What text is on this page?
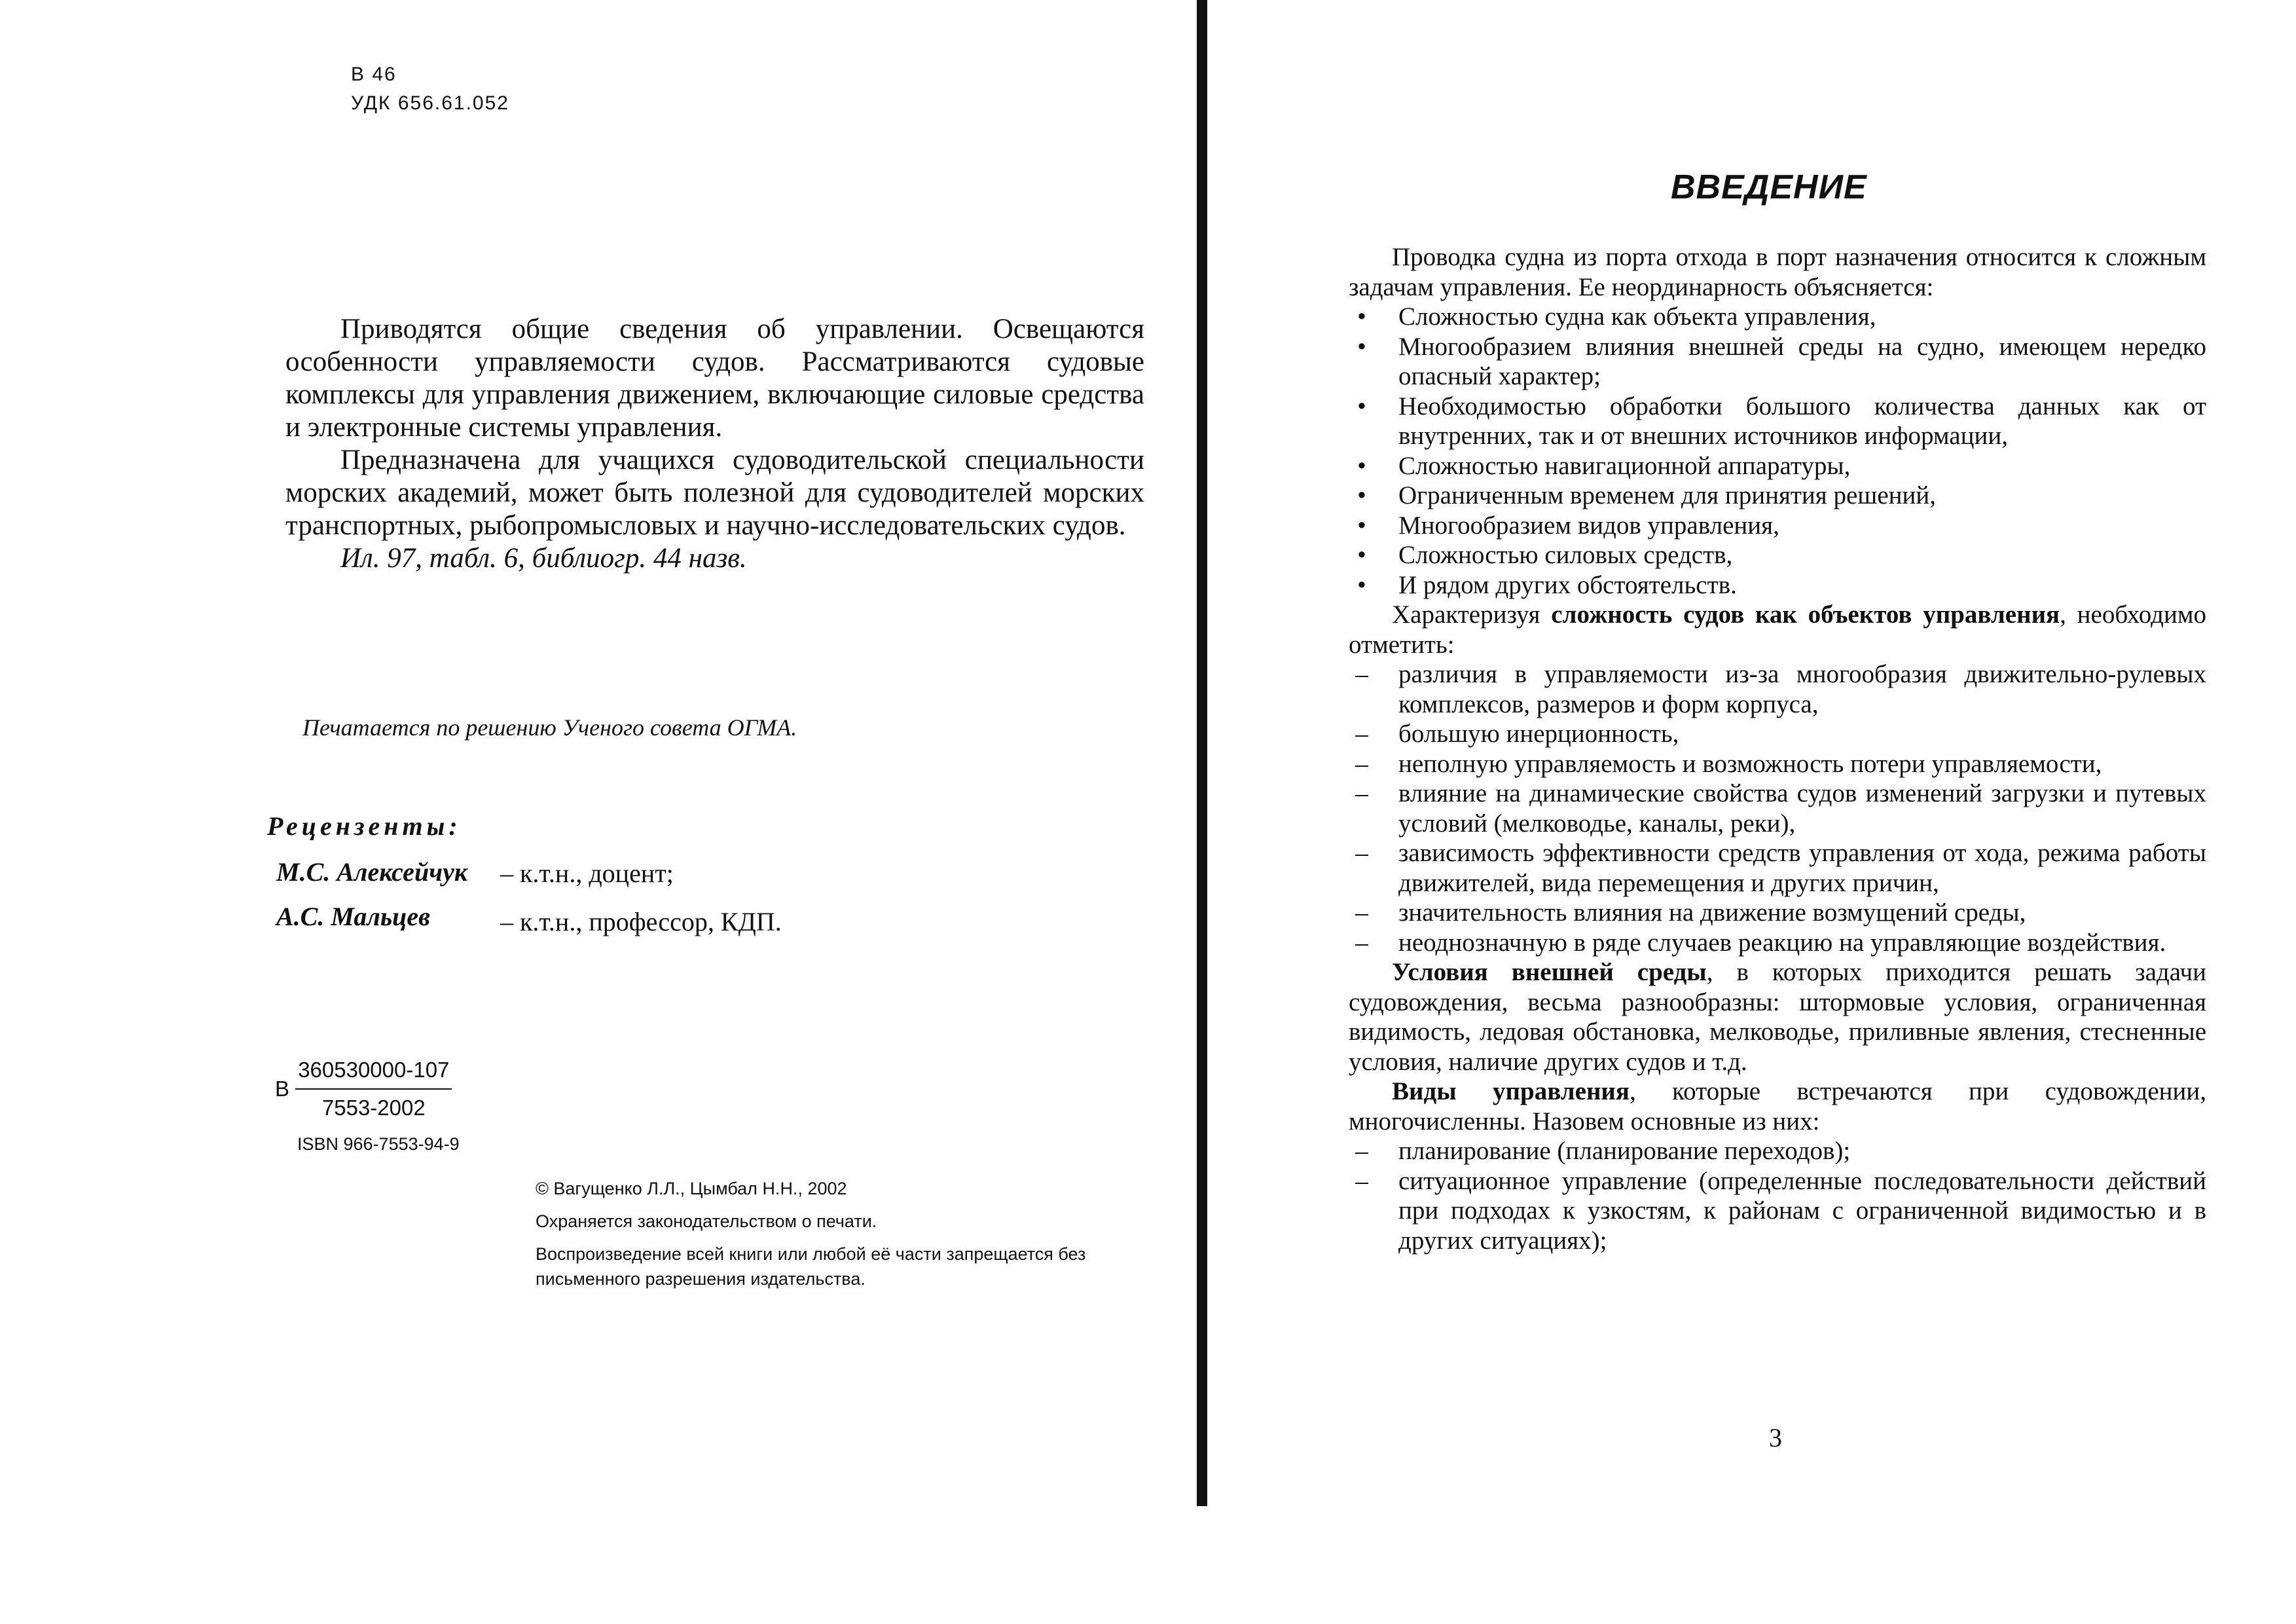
В 46
УДК 656.61.052

Приводятся общие сведения об управлении. Освещаются особенности управляемости судов. Рассматриваются судовые комплексы для управления движением, включающие силовые средства и электронные системы управления.

Предназначена для учащихся судоводительской специальности морских академий, может быть полезной для судоводителей морских транспортных, рыбопромысловых и научно-исследовательских судов.

Ил. 97, табл. 6, библиогр. 44 назв.

Печатается по решению Ученого совета ОГМА.
Рецензенты:
М.С. Алексейчук – к.т.н., доцент;
А.С. Мальцев	– к.т.н., профессор, КДП.
В $\frac{360530000-107}{7553-2002}$
ISBN 966-7553-94-9
© Вагущенко Л.Л., Цымбал Н.Н., 2002
Охраняется законодательством о печати.
Воспроизведение всей книги или любой её части запрещается без письменного разрешения издательства.
ВВЕДЕНИЕ

Проводка судна из порта отхода в порт назначения относится к сложным задачам управления. Ее неординарность объясняется:

•	Сложностью судна как объекта управления,
•	Многообразием влияния внешней среды на судно, имеющем нередко опасный характер;
•	Необходимостью обработки большого количества данных как от внутренних, так и от внешних источников информации,
•	Сложностью навигационной аппаратуры,
•	Ограниченным временем для принятия решений,
•	Многообразием видов управления,
•	Сложностью силовых средств,
•	И рядом других обстоятельств.

Характеризуя сложность судов как объектов управления, необходимо отметить:

– различия в управляемости из-за многообразия движительно-рулевых комплексов, размеров и форм корпуса,
– большую инерционность,
– неполную управляемость и возможность потери управляемости,
– влияние на динамические свойства судов изменений загрузки и путевых условий (мелководье, каналы, реки),
– зависимость эффективности средств управления от хода, режима работы движителей, вида перемещения и других причин,
– значительность влияния на движение возмущений среды,
– неоднозначную в ряде случаев реакцию на управляющие воздействия.

Условия внешней среды, в которых приходится решать задачи судовождения, весьма разнообразны: штормовые условия, ограниченная видимость, ледовая обстановка, мелководье, приливные явления, стесненные условия, наличие других судов и т.д.

Виды управления, которые встречаются при судовождении, многочисленны. Назовем основные из них:

– планирование (планирование переходов);
– ситуационное управление (определенные последовательности действий при подходах к узкостям, к районам с ограниченной видимостью и в других ситуациях);
3
